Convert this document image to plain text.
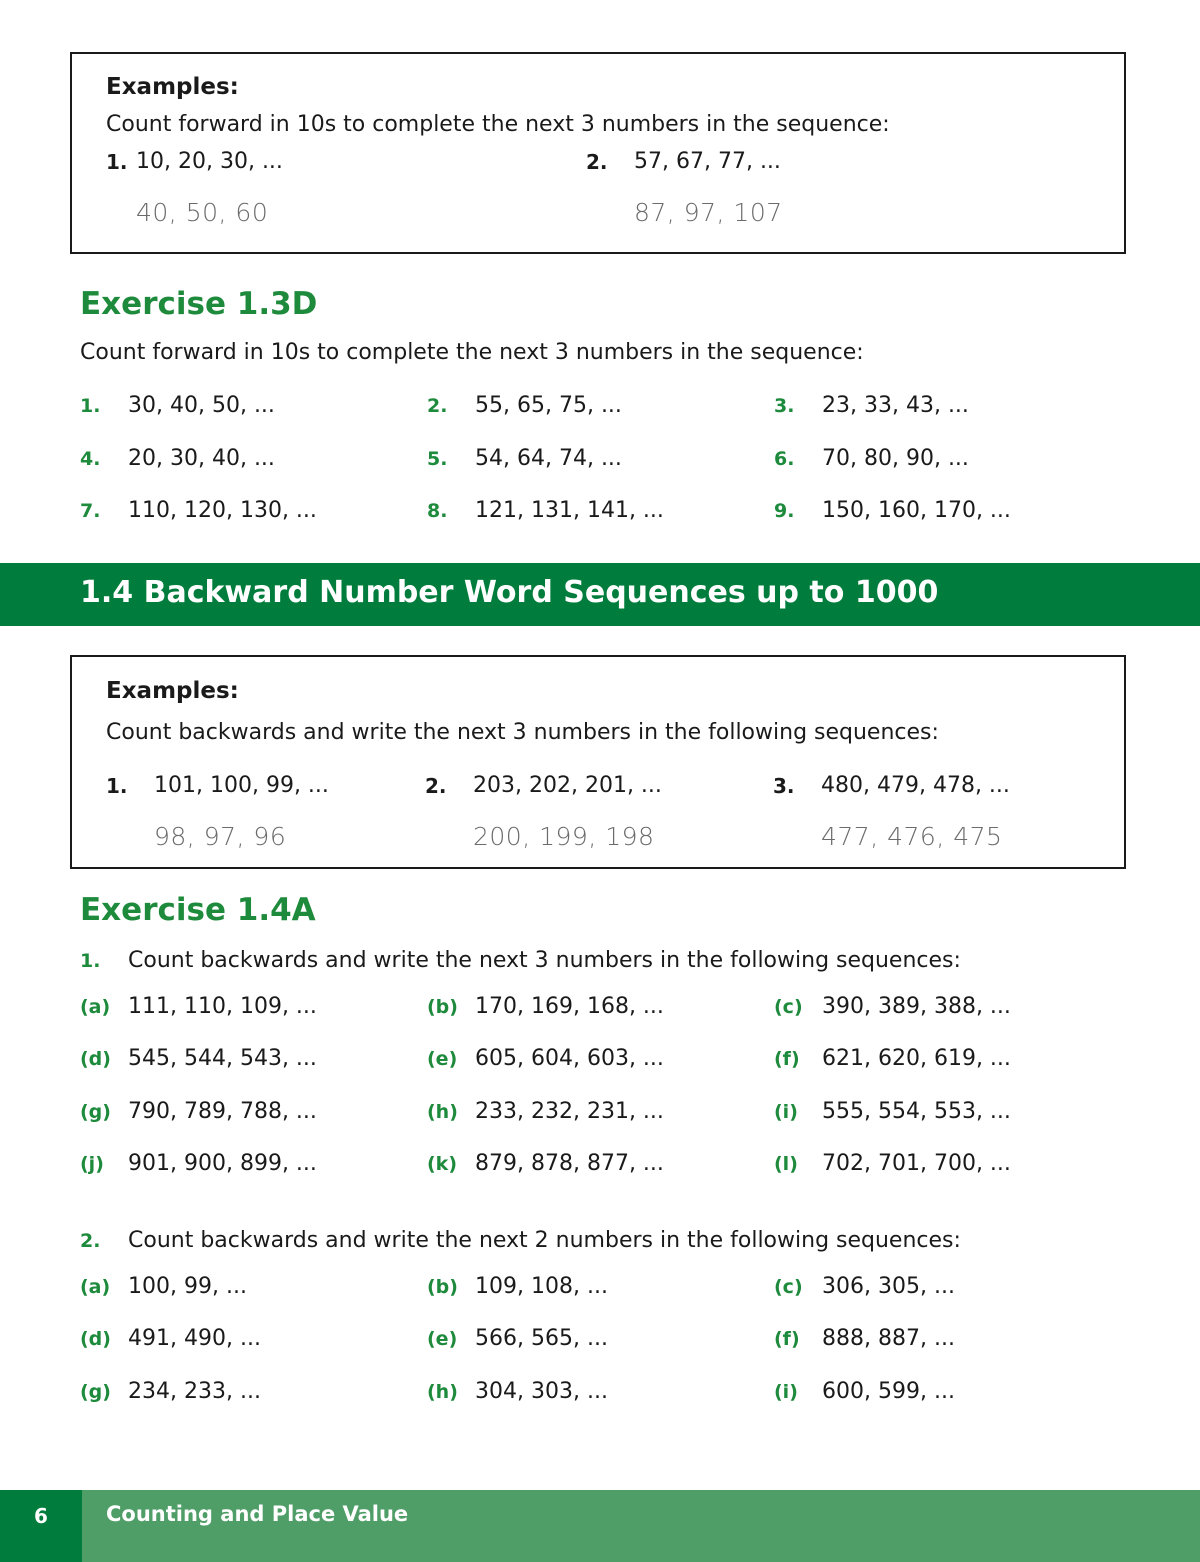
Examples:
Count forward in 10s to complete the next 3 numbers in the sequence:
1. 10, 20, 30, ...
40, 50, 60
2. 57, 67, 77, ...
87, 97, 107
Exercise 1.3D
Count forward in 10s to complete the next 3 numbers in the sequence:
1. 30, 40, 50, ...	2. 55, 65, 75, ...	3. 23, 33, 43, ...
4. 20, 30, 40, ...	5. 54, 64, 74, ...	6. 70, 80, 90, ...
7. 110, 120, 130, ...	8. 121, 131, 141, ...	9. 150, 160, 170, ...
1.4 Backward Number Word Sequences up to 1000
Examples:
Count backwards and write the next 3 numbers in the following sequences:
1. 101, 100, 99, ...
98, 97, 96
2. 203, 202, 201, ...
200, 199, 198
3. 480, 479, 478, ...
477, 476, 475
Exercise 1.4A
1. Count backwards and write the next 3 numbers in the following sequences:
(a) 111, 110, 109, ...	(b) 170, 169, 168, ...	(c) 390, 389, 388, ...
(d) 545, 544, 543, ...	(e) 605, 604, 603, ...	(f) 621, 620, 619, ...
(g) 790, 789, 788, ...	(h) 233, 232, 231, ...	(i) 555, 554, 553, ...
(j) 901, 900, 899, ...	(k) 879, 878, 877, ...	(l) 702, 701, 700, ...
2. Count backwards and write the next 2 numbers in the following sequences:
(a) 100, 99, ...	(b) 109, 108, ...	(c) 306, 305, ...
(d) 491, 490, ...	(e) 566, 565, ...	(f) 888, 887, ...
(g) 234, 233, ...	(h) 304, 303, ...	(i) 600, 599, ...
6	Counting and Place Value
